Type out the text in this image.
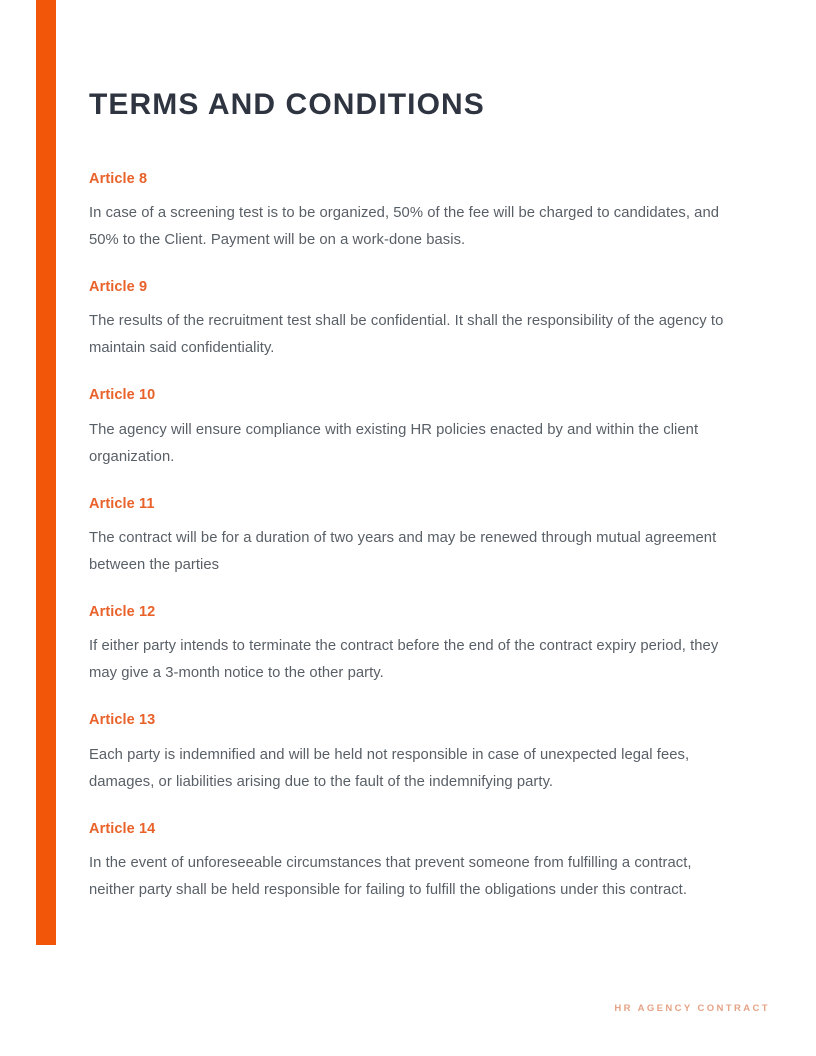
TERMS AND CONDITIONS
Article 8

In case of a screening test is to be organized, 50% of the fee will be charged to candidates, and 50% to the Client. Payment will be on a work-done basis.

Article 9

The results of the recruitment test shall be confidential. It shall the responsibility of the agency to maintain said confidentiality.

Article 10

The agency will ensure compliance with existing HR policies enacted by and within the client organization.

Article 11

The contract will be for a duration of two years and may be renewed through mutual agreement between the parties

Article 12

If either party intends to terminate the contract before the end of the contract expiry period, they may give a 3-month notice to the other party.

Article 13

Each party is indemnified and will be held not responsible in case of unexpected legal fees, damages, or liabilities arising due to the fault of the indemnifying party.

Article 14

In the event of unforeseeable circumstances that prevent someone from fulfilling a contract, neither party shall be held responsible for failing to fulfill the obligations under this contract.

HR AGENCY CONTRACT
